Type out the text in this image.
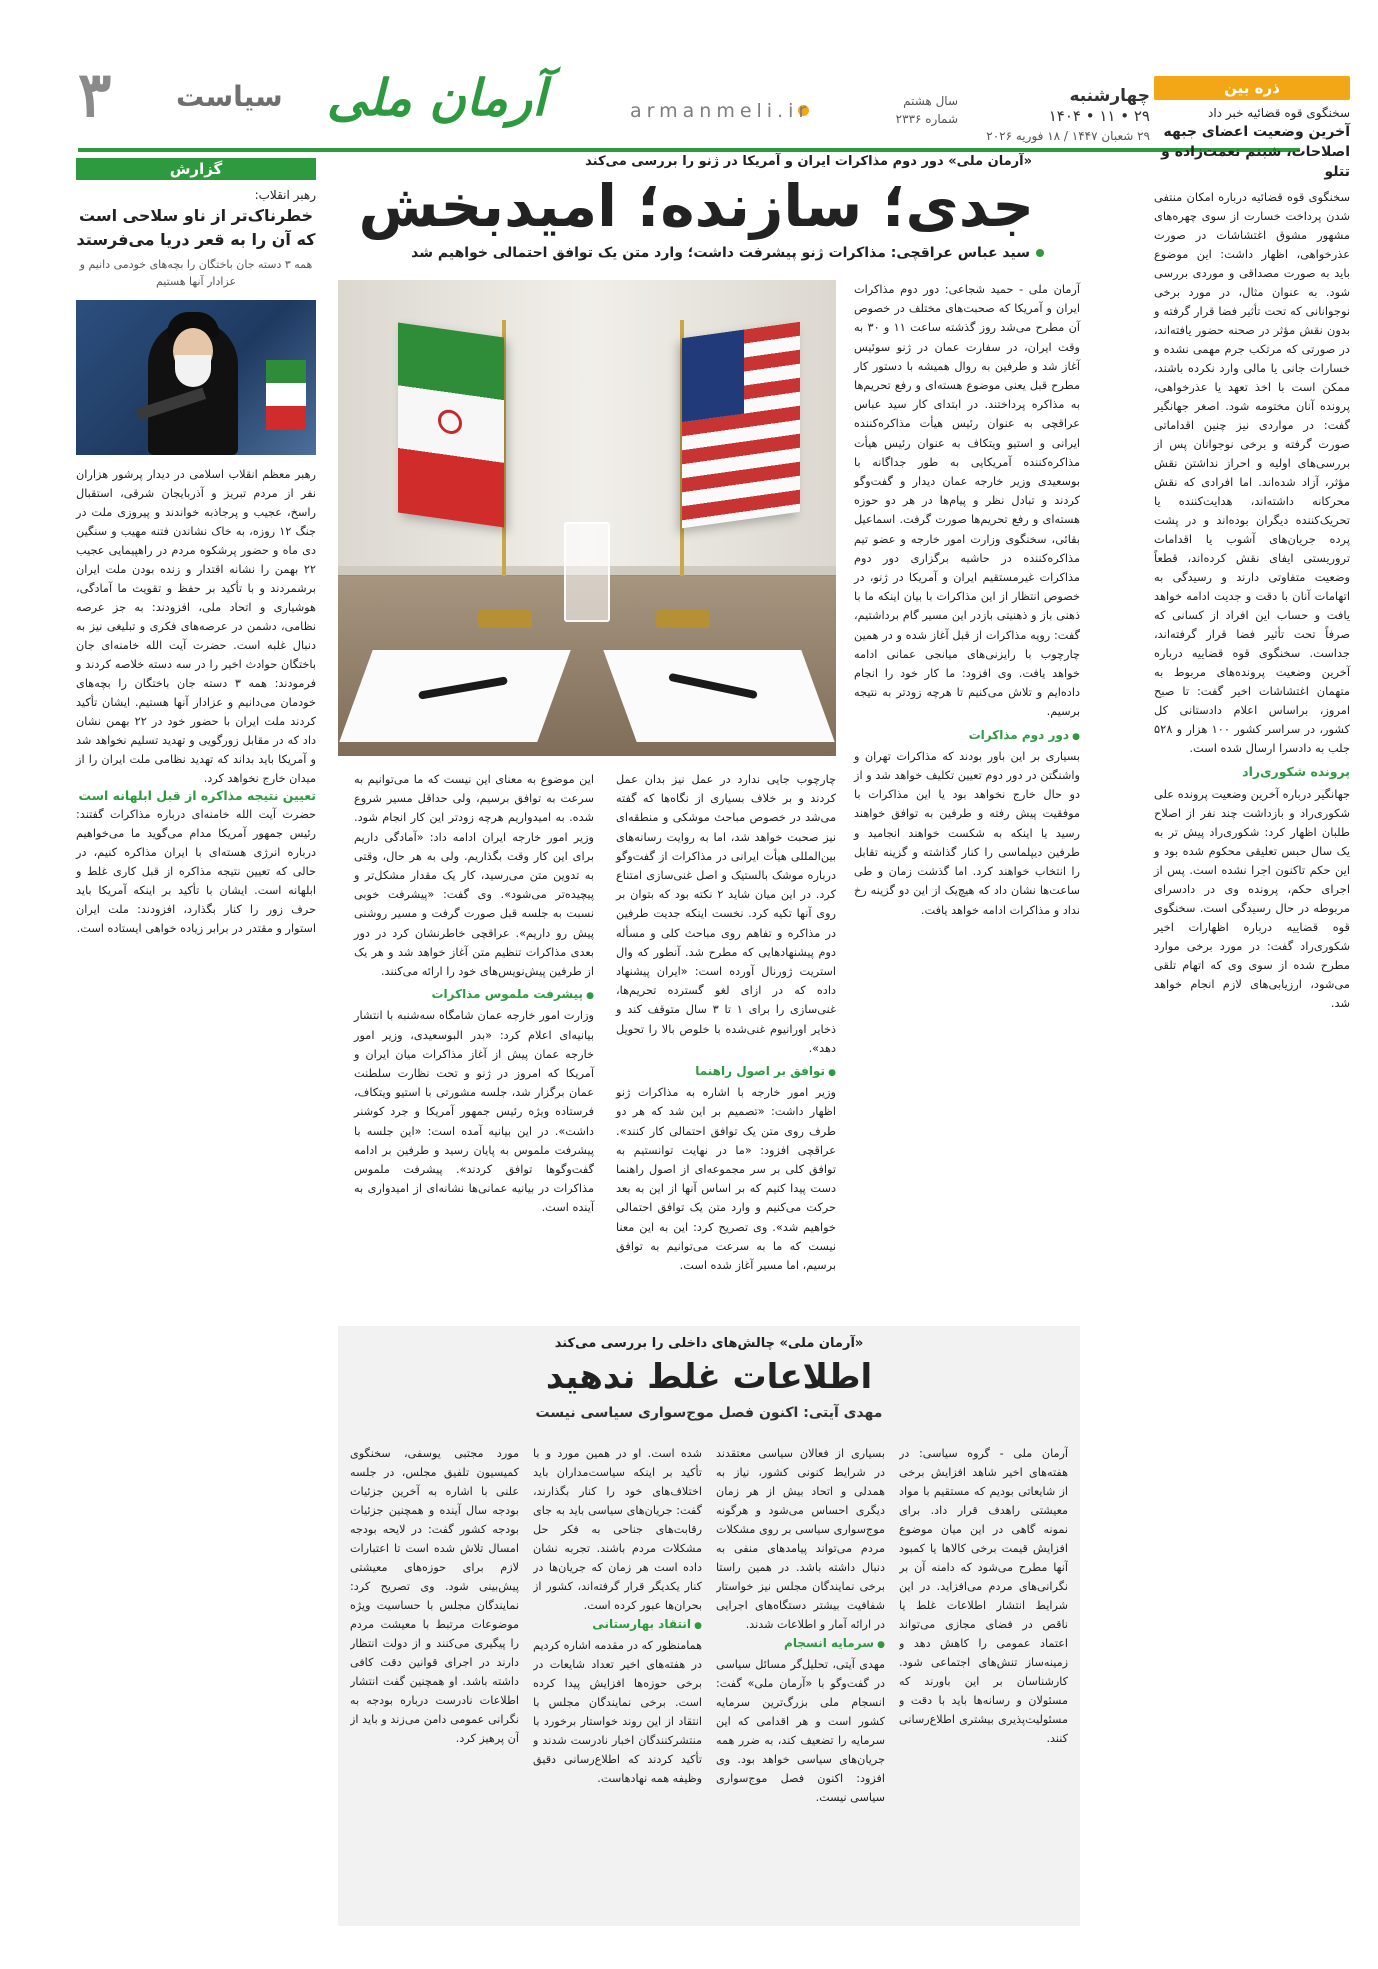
۳ سیاست	armanmeli.ir
آرمان ملی	سال هشتم
شماره ۲۳۳۶
چهارشنبه
۲۹ • ۱۱ • ۱۴۰۴
۲۹ شعبان ۱۴۴۷ / ۱۸ فوریه ۲۰۲۶
ذره بین
سخنگوی قوه قضائیه خبر داد
آخرین وضعیت اعضای جبهه اصلاحات، شبنم نعمت‌زاده و تتلو

سخنگوی قوه قضائیه درباره امکان منتفی شدن پرداخت خسارت از سوی چهره‌های مشهور مشوق اغتشاشات در صورت عذرخواهی، اظهار داشت: این موضوع باید به صورت مصداقی و موردی بررسی شود. به عنوان مثال، در مورد برخی نوجوانانی که تحت تأثیر فضا قرار گرفته و بدون نقش مؤثر در صحنه حضور یافته‌اند، در صورتی که مرتکب جرم مهمی نشده و خسارات جانی یا مالی وارد نکرده باشند، ممکن است با اخذ تعهد یا عذرخواهی، پرونده آنان مختومه شود. اصغر جهانگیر گفت: در مواردی نیز چنین اقداماتی صورت گرفته و برخی نوجوانان پس از بررسی‌های اولیه و احراز نداشتن نقش مؤثر، آزاد شده‌اند. اما افرادی که نقش محرکانه داشته‌اند، هدایت‌کننده یا تحریک‌کننده دیگران بوده‌اند و در پشت پرده جریان‌های آشوب یا اقدامات تروریستی ایفای نقش کرده‌اند، قطعاً وضعیت متفاوتی دارند و رسیدگی به اتهامات آنان با دقت و جدیت ادامه خواهد یافت و حساب این افراد از کسانی که صرفاً تحت تأثیر فضا قرار گرفته‌اند، جداست. سخنگوی قوه قضاییه درباره آخرین وضعیت پرونده‌های مربوط به متهمان اغتشاشات اخیر گفت: تا صبح امروز، براساس اعلام دادستانی کل کشور، در سراسر کشور ۱۰۰ هزار و ۵۲۸ جلب به دادسرا ارسال شده است.

پرونده شکوری‌راد

جهانگیر درباره آخرین وضعیت پرونده علی شکوری‌راد و بازداشت چند نفر از اصلاح طلبان اظهار کرد: شکوری‌راد پیش تر به یک سال حبس تعلیقی محکوم شده بود و این حکم تاکنون اجرا نشده است. پس از اجرای حکم، پرونده وی در دادسرای مربوطه در حال رسیدگی است. سخنگوی قوه قضاییه درباره اظهارات اخیر شکوری‌راد گفت: در مورد برخی موارد مطرح شده از سوی وی که اتهام تلقی می‌شود، ارزیابی‌های لازم انجام خواهد شد.

گزارش
رهبر انقلاب:
خطرناک‌تر از ناو سلاحی است که آن را به قعر دریا می‌فرستد
همه ۳ دسته جان باختگان را بچه‌های خودمی دانیم و عزادار آنها هستیم

رهبر معظم انقلاب اسلامی در دیدار پرشور هزاران نفر از مردم تبریز و آذربایجان شرقی، استقبال راسخ، عجیب و پرجاذبه خواندند و پیروزی ملت در جنگ ۱۲ روزه، به خاک نشاندن فتنه مهیب و سنگین دی ماه و حضور پرشکوه مردم در راهپیمایی عجیب ۲۲ بهمن را نشانه اقتدار و زنده بودن ملت ایران برشمردند و با تأکید بر حفظ و تقویت ما آمادگی، هوشیاری و اتحاد ملی، افزودند: به جز عرصه نظامی، دشمن در عرصه‌های فکری و تبلیغی نیز به دنبال غلبه است. حضرت آیت الله خامنه‌ای جان باختگان حوادث اخیر را در سه دسته خلاصه کردند و فرمودند: همه ۳ دسته جان باختگان را بچه‌های خودمان می‌دانیم و عزادار آنها هستیم. ایشان تأکید کردند ملت ایران با حضور خود در ۲۲ بهمن نشان داد که در مقابل زورگویی و تهدید تسلیم نخواهد شد و آمریکا باید بداند که تهدید نظامی ملت ایران را از میدان خارج نخواهد کرد.

تعیین نتیجه مذاکره از قبل ابلهانه است

حضرت آیت الله خامنه‌ای درباره مذاکرات گفتند: رئیس جمهور آمریکا مدام می‌گوید ما می‌خواهیم درباره انرژی هسته‌ای با ایران مذاکره کنیم، در حالی که تعیین نتیجه مذاکره از قبل کاری غلط و ابلهانه است. ایشان با تأکید بر اینکه آمریکا باید حرف زور را کنار بگذارد، افزودند: ملت ایران استوار و مقتدر در برابر زیاده خواهی ایستاده است.

«آرمان ملی» دور دوم مذاکرات ایران و آمریکا در ژنو را بررسی می‌کند
جدی؛ سازنده؛ امیدبخش
سید عباس عراقچی: مذاکرات ژنو پیشرفت داشت؛ وارد متن یک توافق احتمالی خواهیم شد
آرمان ملی - حمید شجاعی: دور دوم مذاکرات ایران و آمریکا که صحبت‌های مختلف در خصوص آن مطرح می‌شد روز گذشته ساعت ۱۱ و ۳۰ به وقت ایران، در سفارت عمان در ژنو سوئیس آغاز شد و طرفین به روال همیشه با دستور کار مطرح قبل یعنی موضوع هسته‌ای و رفع تحریم‌ها به مذاکره پرداختند. در ابتدای کار سید عباس عراقچی به عنوان رئیس هیأت مذاکره‌کننده ایرانی و استیو ویتکاف به عنوان رئیس هیأت مذاکره‌کننده آمریکایی به طور جداگانه با بوسعیدی وزیر خارجه عمان دیدار و گفت‌وگو کردند و تبادل نظر و پیام‌ها در هر دو حوزه هسته‌ای و رفع تحریم‌ها صورت گرفت. اسماعیل بقائی، سخنگوی وزارت امور خارجه و عضو تیم مذاکره‌کننده در حاشیه برگزاری دور دوم مذاکرات غیرمستقیم ایران و آمریکا در ژنو، در خصوص انتظار از این مذاکرات با بیان اینکه ما با ذهنی باز و ذهنیتی بازدر این مسیر گام برداشتیم، گفت: رویه مذاکرات از قبل آغاز شده و در همین چارچوب با رایزنی‌های میانجی عمانی ادامه خواهد یافت. وی افزود: ما کار خود را انجام داده‌ایم و تلاش می‌کنیم تا هرچه زودتر به نتیجه برسیم.
● دور دوم مذاکرات
بسیاری بر این باور بودند که مذاکرات تهران و واشنگتن در دور دوم تعیین تکلیف خواهد شد و از دو حال خارج نخواهد بود یا این مذاکرات با موفقیت پیش رفته و طرفین به توافق خواهند رسید یا اینکه به شکست خواهند انجامید و طرفین دیپلماسی را کنار گذاشته و گزینه تقابل را انتخاب خواهند کرد. اما گذشت زمان و طی ساعت‌ها نشان داد که هیچ‌یک از این دو گزینه رخ نداد و مذاکرات ادامه خواهد یافت.
چارچوب جایی ندارد در عمل نیز بدان عمل کردند و بر خلاف بسیاری از نگاه‌ها که گفته می‌شد در خصوص مباحث موشکی و منطقه‌ای نیز صحبت خواهد شد، اما به روایت رسانه‌های بین‌المللی هیأت ایرانی در مذاکرات از گفت‌وگو درباره موشک بالستیک و اصل غنی‌سازی امتناع کرد. در این میان شاید ۲ نکته بود که بتوان بر روی آنها تکیه کرد. نخست اینکه جدیت طرفین در مذاکره و تفاهم روی مباحث کلی و مسأله دوم پیشنهادهایی که مطرح شد. آنطور که وال استریت ژورنال آورده است: «ایران پیشنهاد داده که در ازای لغو گسترده تحریم‌ها، غنی‌سازی را برای ۱ تا ۳ سال متوقف کند و ذخایر اورانیوم غنی‌شده با خلوص بالا را تحویل دهد».
● توافق بر اصول راهنما
وزیر امور خارجه با اشاره به مذاکرات ژنو اظهار داشت: «تصمیم بر این شد که هر دو طرف روی متن یک توافق احتمالی کار کنند». عراقچی افزود: «ما در نهایت توانستیم به توافق کلی بر سر مجموعه‌ای از اصول راهنما دست پیدا کنیم که بر اساس آنها از این به بعد حرکت می‌کنیم و وارد متن یک توافق احتمالی خواهیم شد». وی تصریح کرد: این به این معنا نیست که ما به سرعت می‌توانیم به توافق برسیم، اما مسیر آغاز شده است.
این موضوع به معنای این نیست که ما می‌توانیم به سرعت به توافق برسیم، ولی حداقل مسیر شروع شده. به امیدواریم هرچه زودتر این کار انجام شود. وزیر امور خارجه ایران ادامه داد: «آمادگی داریم برای این کار وقت بگذاریم. ولی به هر حال، وقتی به تدوین متن می‌رسید، کار یک مقدار مشکل‌تر و پیچیده‌تر می‌شود». وی گفت: «پیشرفت خوبی نسبت به جلسه قبل صورت گرفت و مسیر روشنی پیش رو داریم». عراقچی خاطرنشان کرد در دور بعدی مذاکرات تنظیم متن آغاز خواهد شد و هر یک از طرفین پیش‌نویس‌های خود را ارائه می‌کنند.
● پیشرفت ملموس مذاکرات
وزارت امور خارجه عمان شامگاه سه‌شنبه با انتشار بیانیه‌ای اعلام کرد: «بدر البوسعیدی، وزیر امور خارجه عمان پیش از آغاز مذاکرات میان ایران و آمریکا که امروز در ژنو و تحت نظارت سلطنت عمان برگزار شد، جلسه مشورتی با استیو ویتکاف، فرستاده ویژه رئیس جمهور آمریکا و جرد کوشنر داشت». در این بیانیه آمده است: «این جلسه با پیشرفت ملموس به پایان رسید و طرفین بر ادامه گفت‌وگوها توافق کردند». پیشرفت ملموس مذاکرات در بیانیه عمانی‌ها نشانه‌ای از امیدواری به آینده است.
«آرمان ملی» چالش‌های داخلی را بررسی می‌کند
اطلاعات غلط ندهید
مهدی آیتی: اکنون فصل موج‌سواری سیاسی نیست
آرمان ملی - گروه سیاسی: در هفته‌های اخیر شاهد افزایش برخی از شایعاتی بودیم که مستقیم با مواد معیشتی راهدف قرار داد. برای نمونه گاهی در این میان موضوع افزایش قیمت برخی کالاها یا کمبود آنها مطرح می‌شود که دامنه آن بر نگرانی‌های مردم می‌افزاید. در این شرایط انتشار اطلاعات غلط یا ناقص در فضای مجازی می‌تواند اعتماد عمومی را کاهش دهد و زمینه‌ساز تنش‌های اجتماعی شود. کارشناسان بر این باورند که مسئولان و رسانه‌ها باید با دقت و مسئولیت‌پذیری بیشتری اطلاع‌رسانی کنند.
بسیاری از فعالان سیاسی معتقدند در شرایط کنونی کشور، نیاز به همدلی و اتحاد بیش از هر زمان دیگری احساس می‌شود و هرگونه موج‌سواری سیاسی بر روی مشکلات مردم می‌تواند پیامدهای منفی به دنبال داشته باشد. در همین راستا برخی نمایندگان مجلس نیز خواستار شفافیت بیشتر دستگاه‌های اجرایی در ارائه آمار و اطلاعات شدند.
● سرمایه انسجام
مهدی آیتی، تحلیل‌گر مسائل سیاسی در گفت‌وگو با «آرمان ملی» گفت: انسجام ملی بزرگ‌ترین سرمایه کشور است و هر اقدامی که این سرمایه را تضعیف کند، به ضرر همه جریان‌های سیاسی خواهد بود. وی افزود: اکنون فصل موج‌سواری سیاسی نیست.
شده است. او در همین مورد و با تأکید بر اینکه سیاست‌مداران باید اختلاف‌های خود را کنار بگذارند، گفت: جریان‌های سیاسی باید به جای رقابت‌های جناحی به فکر حل مشکلات مردم باشند. تجربه نشان داده است هر زمان که جریان‌ها در کنار یکدیگر قرار گرفته‌اند، کشور از بحران‌ها عبور کرده است.
● انتقاد بهارستانی
همامنظور که در مقدمه اشاره کردیم در هفته‌های اخیر تعداد شایعات در برخی حوزه‌ها افزایش پیدا کرده است. برخی نمایندگان مجلس با انتقاد از این روند خواستار برخورد با منتشرکنندگان اخبار نادرست شدند و تأکید کردند که اطلاع‌رسانی دقیق وظیفه همه نهادهاست.
مورد مجتبی یوسفی، سخنگوی کمیسیون تلفیق مجلس، در جلسه علنی با اشاره به آخرین جزئیات بودجه سال آینده و همچنین جزئیات بودجه کشور گفت: در لایحه بودجه امسال تلاش شده است تا اعتبارات لازم برای حوزه‌های معیشتی پیش‌بینی شود. وی تصریح کرد: نمایندگان مجلس با حساسیت ویژه موضوعات مرتبط با معیشت مردم را پیگیری می‌کنند و از دولت انتظار دارند در اجرای قوانین دقت کافی داشته باشد. او همچنین گفت انتشار اطلاعات نادرست درباره بودجه به نگرانی عمومی دامن می‌زند و باید از آن پرهیز کرد.
